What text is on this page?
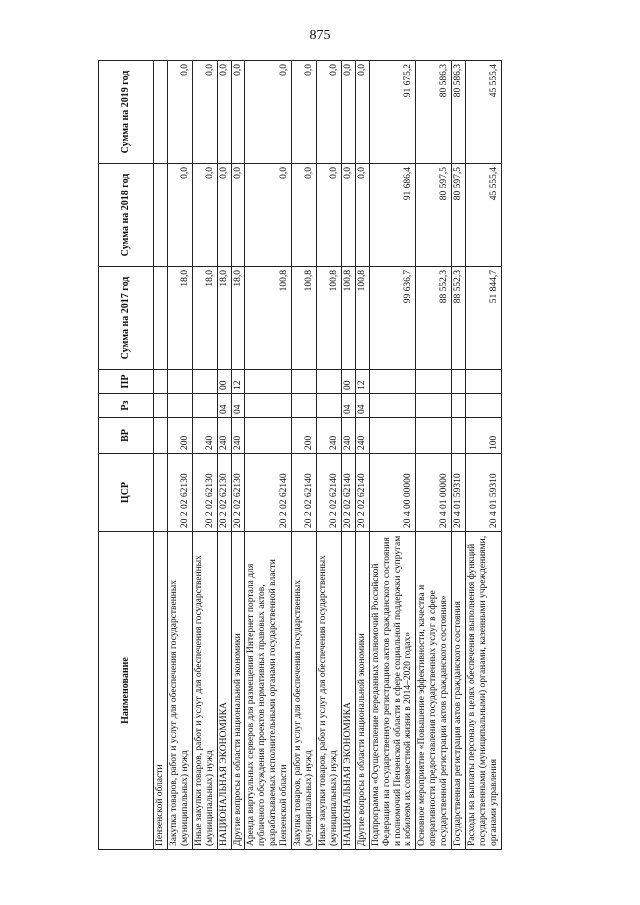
875
Наименование	ЦСР	ВР	Рз	ПР	Сумма на 2017 год	Сумма на 2018 год	Сумма на 2019 год
Пензенской области							
Закупка товаров, работ и услуг для обеспечения государственных (муниципальных) нужд	20 2 02 62130	200			18,0	0,0	0,0
Иные закупки товаров, работ и услуг для обеспечения государственных (муниципальных) нужд	20 2 02 62130	240			18,0	0,0	0,0
НАЦИОНАЛЬНАЯ ЭКОНОМИКА	20 2 02 62130	240	04	00	18,0	0,0	0,0
Другие вопросы в области национальной экономики	20 2 02 62130	240	04	12	18,0	0,0	0,0
Аренда виртуальных серверов для размещения Интернет портала для публичного обсуждения проектов нормативных правовых актов, разрабатываемых исполнительными органами государственной власти Пензенской области	20 2 02 62140				100,8	0,0	0,0
Закупка товаров, работ и услуг для обеспечения государственных (муниципальных) нужд	20 2 02 62140	200			100,8	0,0	0,0
Иные закупки товаров, работ и услуг для обеспечения государственных (муниципальных) нужд	20 2 02 62140	240			100,8	0,0	0,0
НАЦИОНАЛЬНАЯ ЭКОНОМИКА	20 2 02 62140	240	04	00	100,8	0,0	0,0
Другие вопросы в области национальной экономики	20 2 02 62140	240	04	12	100,8	0,0	0,0
Подпрограмма «Осуществление переданных полномочий Российской Федерации на государственную регистрацию актов гражданского состояния и полномочий Пензенской области в сфере социальной поддержки супругам к юбилеям их совместной жизни в 2014–2020 годах»	20 4 00 00000				99 636,7	91 686,4	91 675,2
Основное мероприятие «Повышение эффективности, качества и оперативности предоставления государственных услуг в сфере государственной регистрации актов гражданского состояния»	20 4 01 00000				88 552,3	80 597,5	80 586,3
Государственная регистрация актов гражданского состояния	20 4 01 59310				88 552,3	80 597,5	80 586,3
Расходы на выплаты персоналу в целях обеспечения выполнения функций государственными (муниципальными) органами, казенными учреждениями, органами управления	20 4 01 59310	100			51 844,7	45 555,4	45 555,4
